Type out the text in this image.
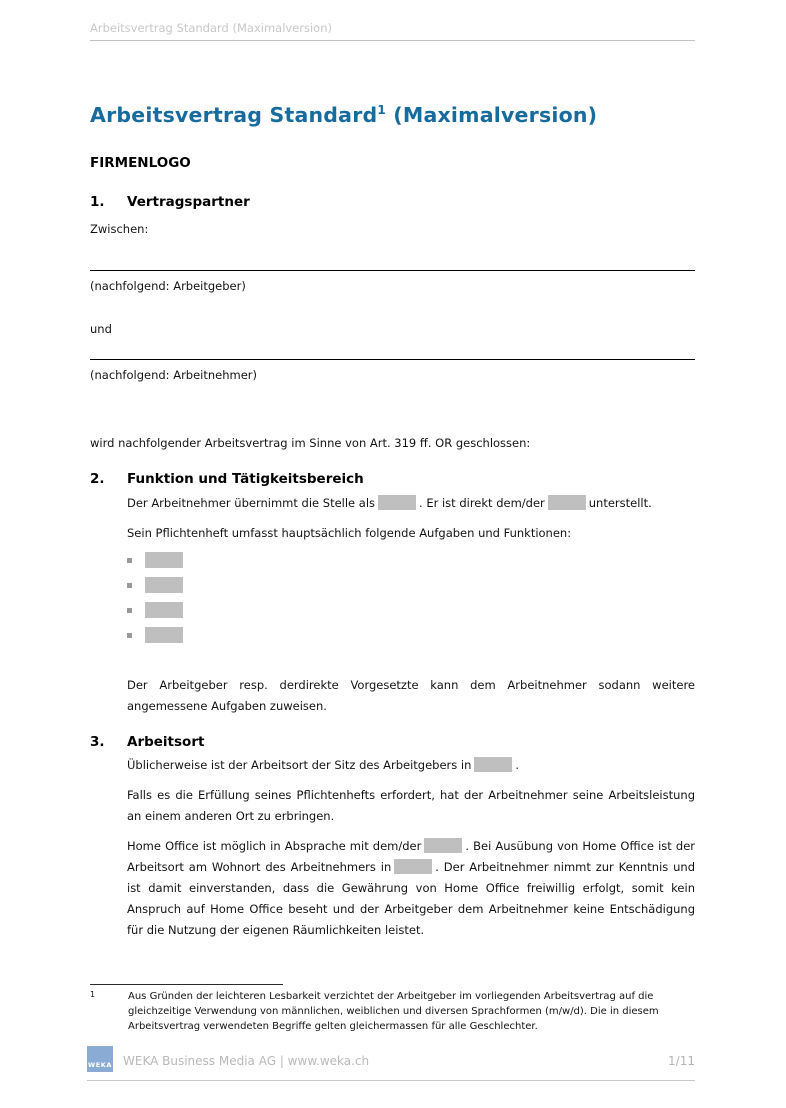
Arbeitsvertrag Standard (Maximalversion)
Arbeitsvertrag Standard$^1$ (Maximalversion)
FIRMENLOGO
1.	Vertragspartner

Zwischen:

(nachfolgend: Arbeitgeber)

und

(nachfolgend: Arbeitnehmer)

wird nachfolgender Arbeitsvertrag im Sinne von Art. 319 ff. OR geschlossen:

2.	Funktion und Tätigkeitsbereich

Der Arbeitnehmer übernimmt die Stelle als	. Er ist direkt dem/der	unterstellt.

Sein Pflichtenheft umfasst hauptsächlich folgende Aufgaben und Funktionen:

Der Arbeitgeber resp. derdirekte Vorgesetzte kann dem Arbeitnehmer sodann weitere angemessene Aufgaben zuweisen.

3.	Arbeitsort

Üblicherweise ist der Arbeitsort der Sitz des Arbeitgebers in	.

Falls es die Erfüllung seines Pflichtenhefts erfordert, hat der Arbeitnehmer seine Arbeitsleistung an einem anderen Ort zu erbringen.

Home Office ist möglich in Absprache mit dem/der	. Bei Ausübung von Home Office ist der Arbeitsort am Wohnort des Arbeitnehmers in	. Der Arbeitnehmer nimmt zur Kenntnis und ist damit einverstanden, dass die Gewährung von Home Office freiwillig erfolgt, somit kein Anspruch auf Home Office beseht und der Arbeitgeber dem Arbeitnehmer keine Entschädigung für die Nutzung der eigenen Räumlichkeiten leistet.

1	Aus Gründen der leichteren Lesbarkeit verzichtet der Arbeitgeber im vorliegenden Arbeitsvertrag auf die gleichzeitige Verwendung von männlichen, weiblichen und diversen Sprachformen (m/w/d). Die in diesem Arbeitsvertrag verwendeten Begriffe gelten gleichermassen für alle Geschlechter.
WEKA WEKA Business Media AG | www.weka.ch	1/11
